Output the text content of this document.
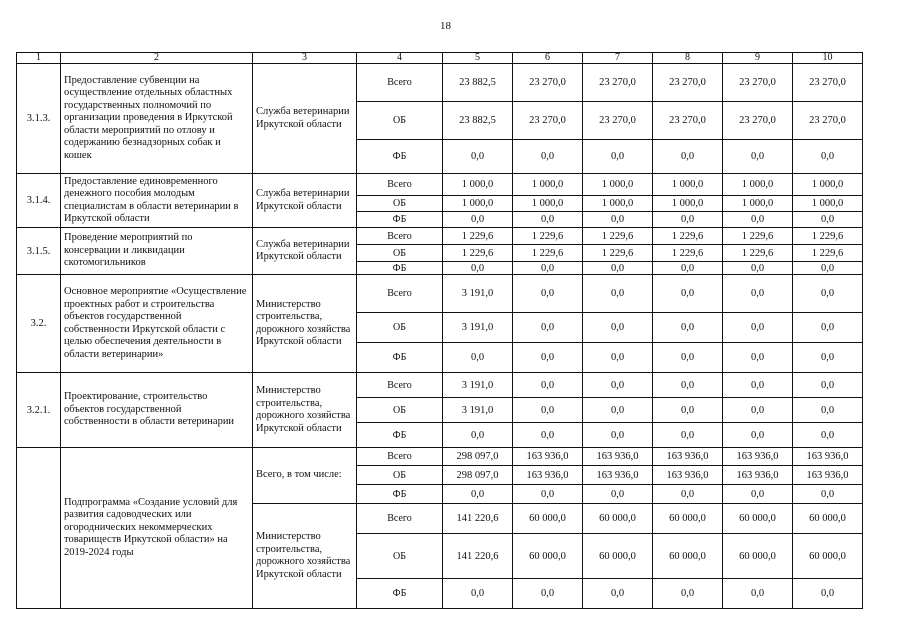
18
1	2	3	4	5	6	7	8	9	10
3.1.3.	Предоставление субвенции на осуществление отдельных областных государственных полномочий по организации проведения в Иркутской области мероприятий по отлову и содержанию безнадзорных собак и кошек	Служба ветеринарии Иркутской области	Всего	23 882,5	23 270,0	23 270,0	23 270,0	23 270,0	23 270,0
			ОБ	23 882,5	23 270,0	23 270,0	23 270,0	23 270,0	23 270,0
			ФБ	0,0	0,0	0,0	0,0	0,0	0,0
3.1.4.	Предоставление единовременного денежного пособия молодым специалистам в области ветеринарии в Иркутской области	Служба ветеринарии Иркутской области	Всего	1 000,0	1 000,0	1 000,0	1 000,0	1 000,0	1 000,0
			ОБ	1 000,0	1 000,0	1 000,0	1 000,0	1 000,0	1 000,0
			ФБ	0,0	0,0	0,0	0,0	0,0	0,0
3.1.5.	Проведение мероприятий по консервации и ликвидации скотомогильников	Служба ветеринарии Иркутской области	Всего	1 229,6	1 229,6	1 229,6	1 229,6	1 229,6	1 229,6
			ОБ	1 229,6	1 229,6	1 229,6	1 229,6	1 229,6	1 229,6
			ФБ	0,0	0,0	0,0	0,0	0,0	0,0
3.2.	Основное мероприятие «Осуществление проектных работ и строительства объектов государственной собственности Иркутской области с целью обеспечения деятельности в области ветеринарии»	Министерство строительства, дорожного хозяйства Иркутской области	Всего	3 191,0	0,0	0,0	0,0	0,0	0,0
			ОБ	3 191,0	0,0	0,0	0,0	0,0	0,0
			ФБ	0,0	0,0	0,0	0,0	0,0	0,0
3.2.1.	Проектирование, строительство объектов государственной собственности в области ветеринарии	Министерство строительства, дорожного хозяйства Иркутской области	Всего	3 191,0	0,0	0,0	0,0	0,0	0,0
			ОБ	3 191,0	0,0	0,0	0,0	0,0	0,0
			ФБ	0,0	0,0	0,0	0,0	0,0	0,0
	Подпрограмма «Создание условий для развития садоводческих или огороднических некоммерческих товариществ Иркутской области» на 2019-2024 годы	Всего, в том числе:	Всего	298 097,0	163 936,0	163 936,0	163 936,0	163 936,0	163 936,0
			ОБ	298 097,0	163 936,0	163 936,0	163 936,0	163 936,0	163 936,0
			ФБ	0,0	0,0	0,0	0,0	0,0	0,0
		Министерство строительства, дорожного хозяйства Иркутской области	Всего	141 220,6	60 000,0	60 000,0	60 000,0	60 000,0	60 000,0
			ОБ	141 220,6	60 000,0	60 000,0	60 000,0	60 000,0	60 000,0
			ФБ	0,0	0,0	0,0	0,0	0,0	0,0
